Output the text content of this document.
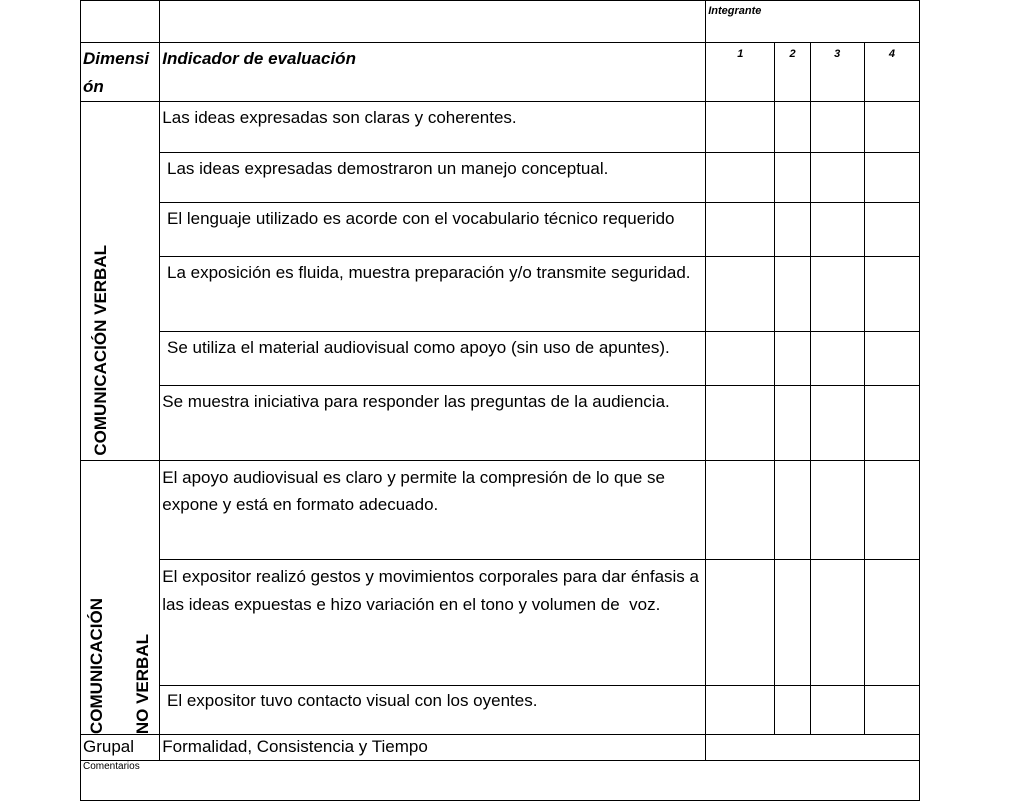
		Integrante			

Dimensi ón	Indicador de evaluación	1	2	3	4

COMUNICACIÓN VERBAL	Las ideas expresadas son claras y coherentes.				

	Las ideas expresadas demostraron un manejo conceptual.				

	El lenguaje utilizado es acorde con el vocabulario técnico requerido				

	La exposición es fluida, muestra preparación y/o transmite seguridad.				

	Se utiliza el material audiovisual como apoyo (sin uso de apuntes).				

	Se muestra iniciativa para responder las preguntas de la audiencia.				

COMUNICACIÓN NO VERBAL	El apoyo audiovisual es claro y permite la compresión de lo que se expone y está en formato adecuado.				

	El expositor realizó gestos y movimientos corporales para dar énfasis a las ideas expuestas e hizo variación en el tono y volumen de  voz.				

	El expositor tuvo contacto visual con los oyentes.				

Grupal	Formalidad, Consistencia y Tiempo				

Comentarios					
